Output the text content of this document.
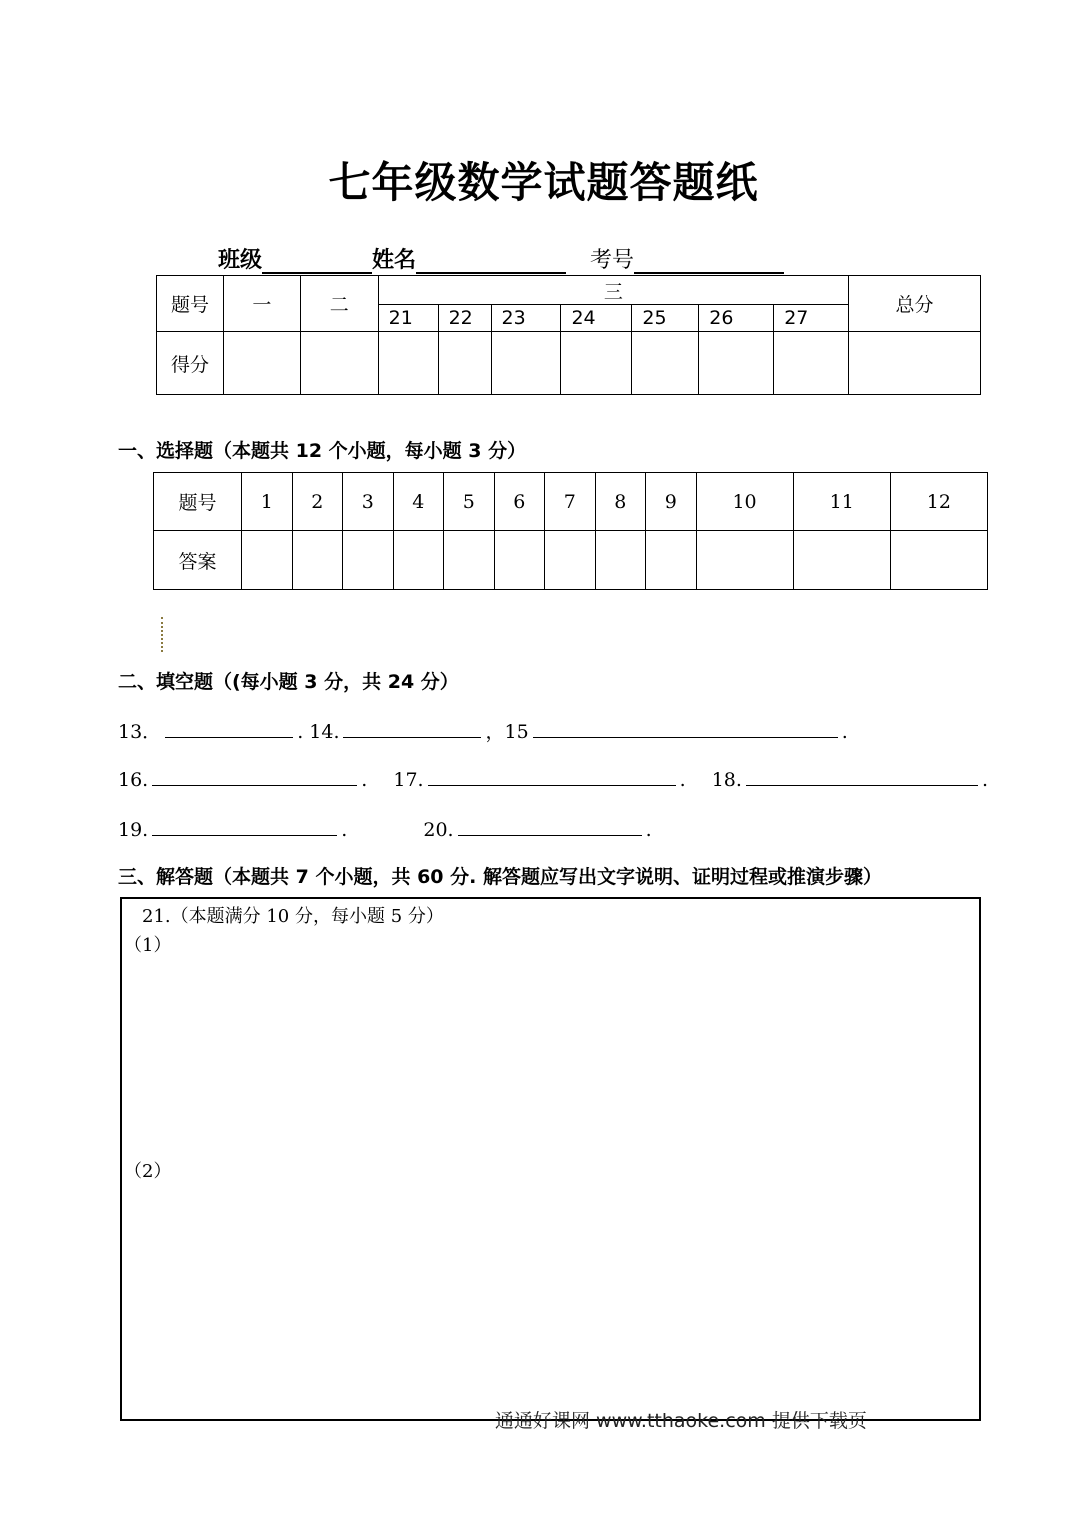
七年级数学试题答题纸
班级	姓名	考号
题号	一	二	三							总分
			21	22	23	24	25	26	27	
得分										
一、选择题（本题共 12 个小题，每小题 3 分）
题号	1	2	3	4	5	6	7	8	9	10	11	12
答案												
二、填空题（(每小题 3 分，共 24 分）
13．	. 14.	，15	.
16.	. 17.	. 18.	.
19.	.	20.	.
三、解答题（本题共 7 个小题，共 60 分. 解答题应写出文字说明、证明过程或推演步骤）
21.（本题满分 10 分，每小题 5 分）
（1）
（2）
通通好课网 www.tthaoke.com 提供下载页
